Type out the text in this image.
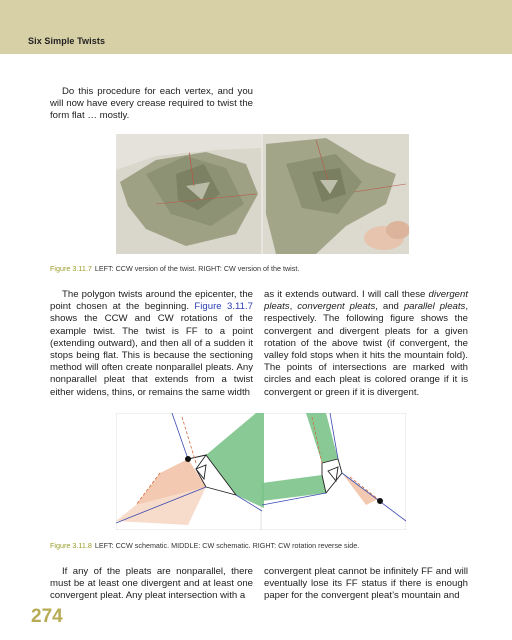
Six Simple Twists

Do this procedure for each vertex, and you will now have every crease required to twist the form flat … mostly.

Figure 3.11.7 LEFT: CCW version of the twist. RIGHT: CW version of the twist.

The polygon twists around the epicenter, the point chosen at the beginning. Figure 3.11.7 shows the CCW and CW rotations of the example twist. The twist is FF to a point (extending outward), and then all of a sudden it stops being flat. This is because the sectioning method will often create nonparallel pleats. Any nonparallel pleat that extends from a twist either widens, thins, or remains the same width

as it extends outward. I will call these divergent pleats, convergent pleats, and parallel pleats, respectively. The following figure shows the convergent and divergent pleats for a given rotation of the above twist (if convergent, the valley fold stops when it hits the mountain fold). The points of intersections are marked with circles and each pleat is colored orange if it is convergent or green if it is divergent.

Figure 3.11.8 LEFT: CCW schematic. MIDDLE: CW schematic. RIGHT: CW rotation reverse side.

If any of the pleats are nonparallel, there must be at least one divergent and at least one convergent pleat. Any pleat intersection with a

convergent pleat cannot be infinitely FF and will eventually lose its FF status if there is enough paper for the convergent pleat’s mountain and

274
